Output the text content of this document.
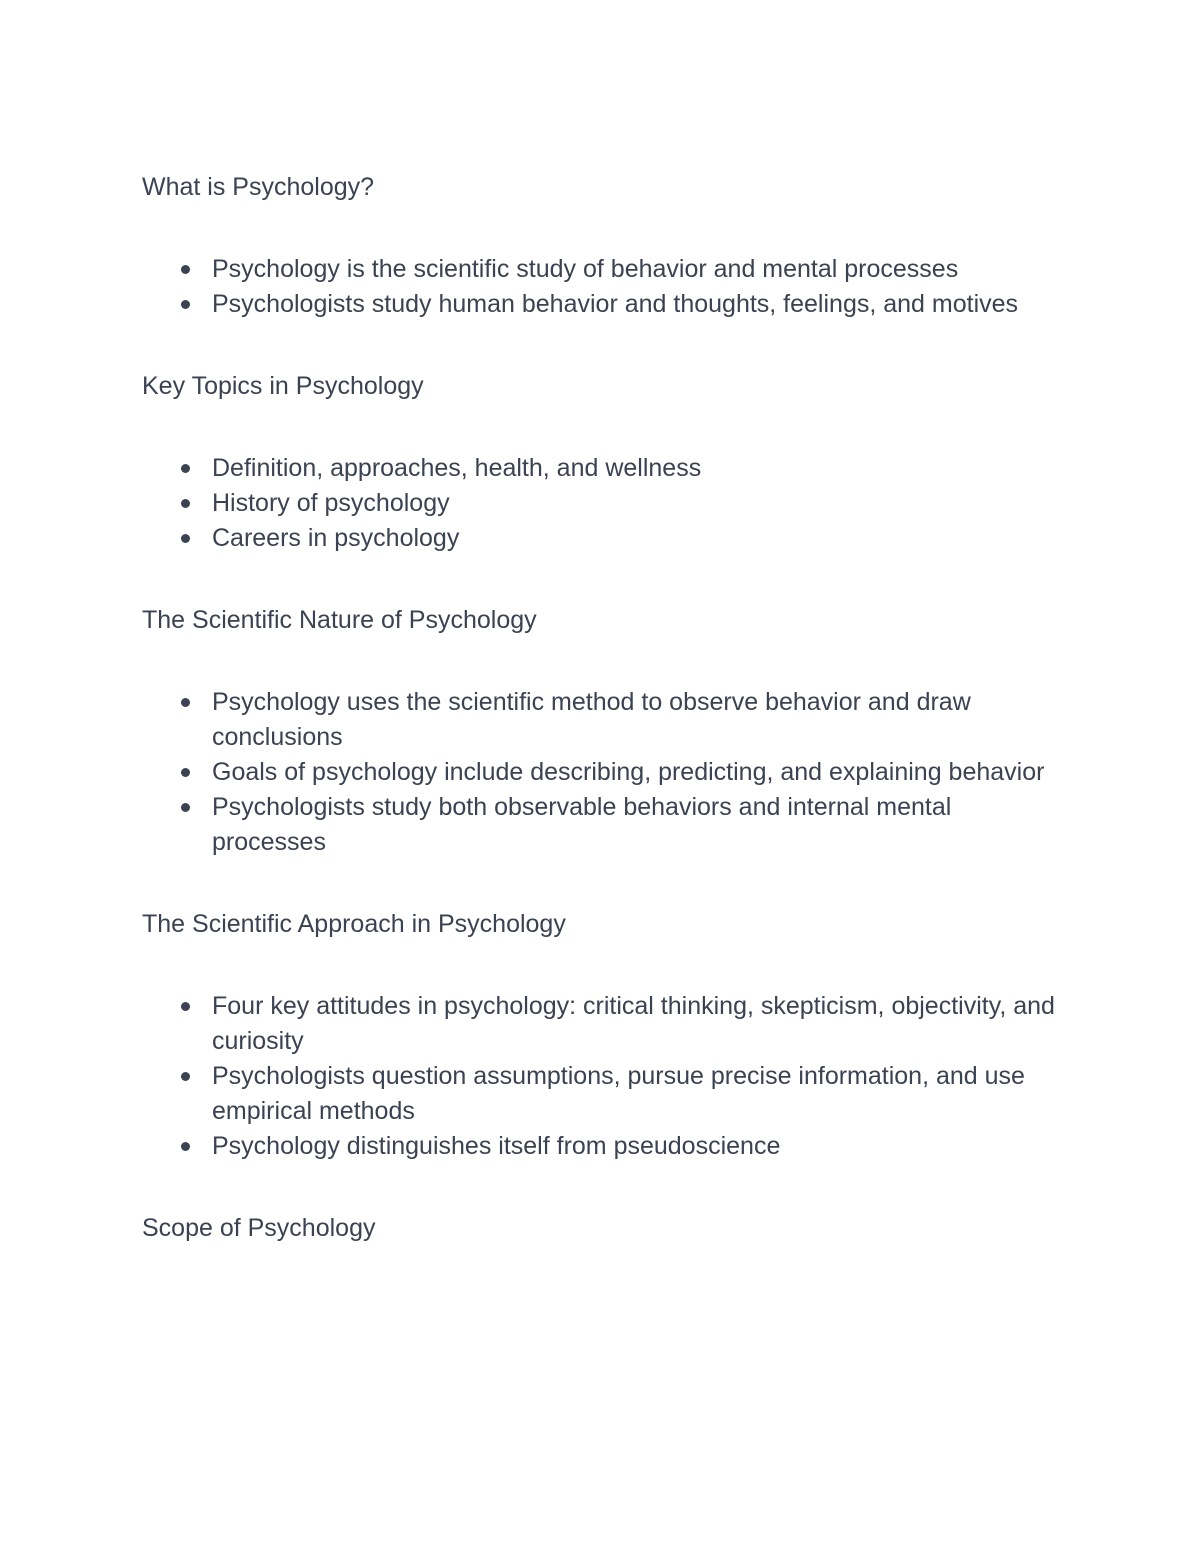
What is Psychology?
Psychology is the scientific study of behavior and mental processes
Psychologists study human behavior and thoughts, feelings, and motives
Key Topics in Psychology
Definition, approaches, health, and wellness
History of psychology
Careers in psychology
The Scientific Nature of Psychology
Psychology uses the scientific method to observe behavior and draw conclusions
Goals of psychology include describing, predicting, and explaining behavior
Psychologists study both observable behaviors and internal mental processes
The Scientific Approach in Psychology
Four key attitudes in psychology: critical thinking, skepticism, objectivity, and curiosity
Psychologists question assumptions, pursue precise information, and use empirical methods
Psychology distinguishes itself from pseudoscience
Scope of Psychology
